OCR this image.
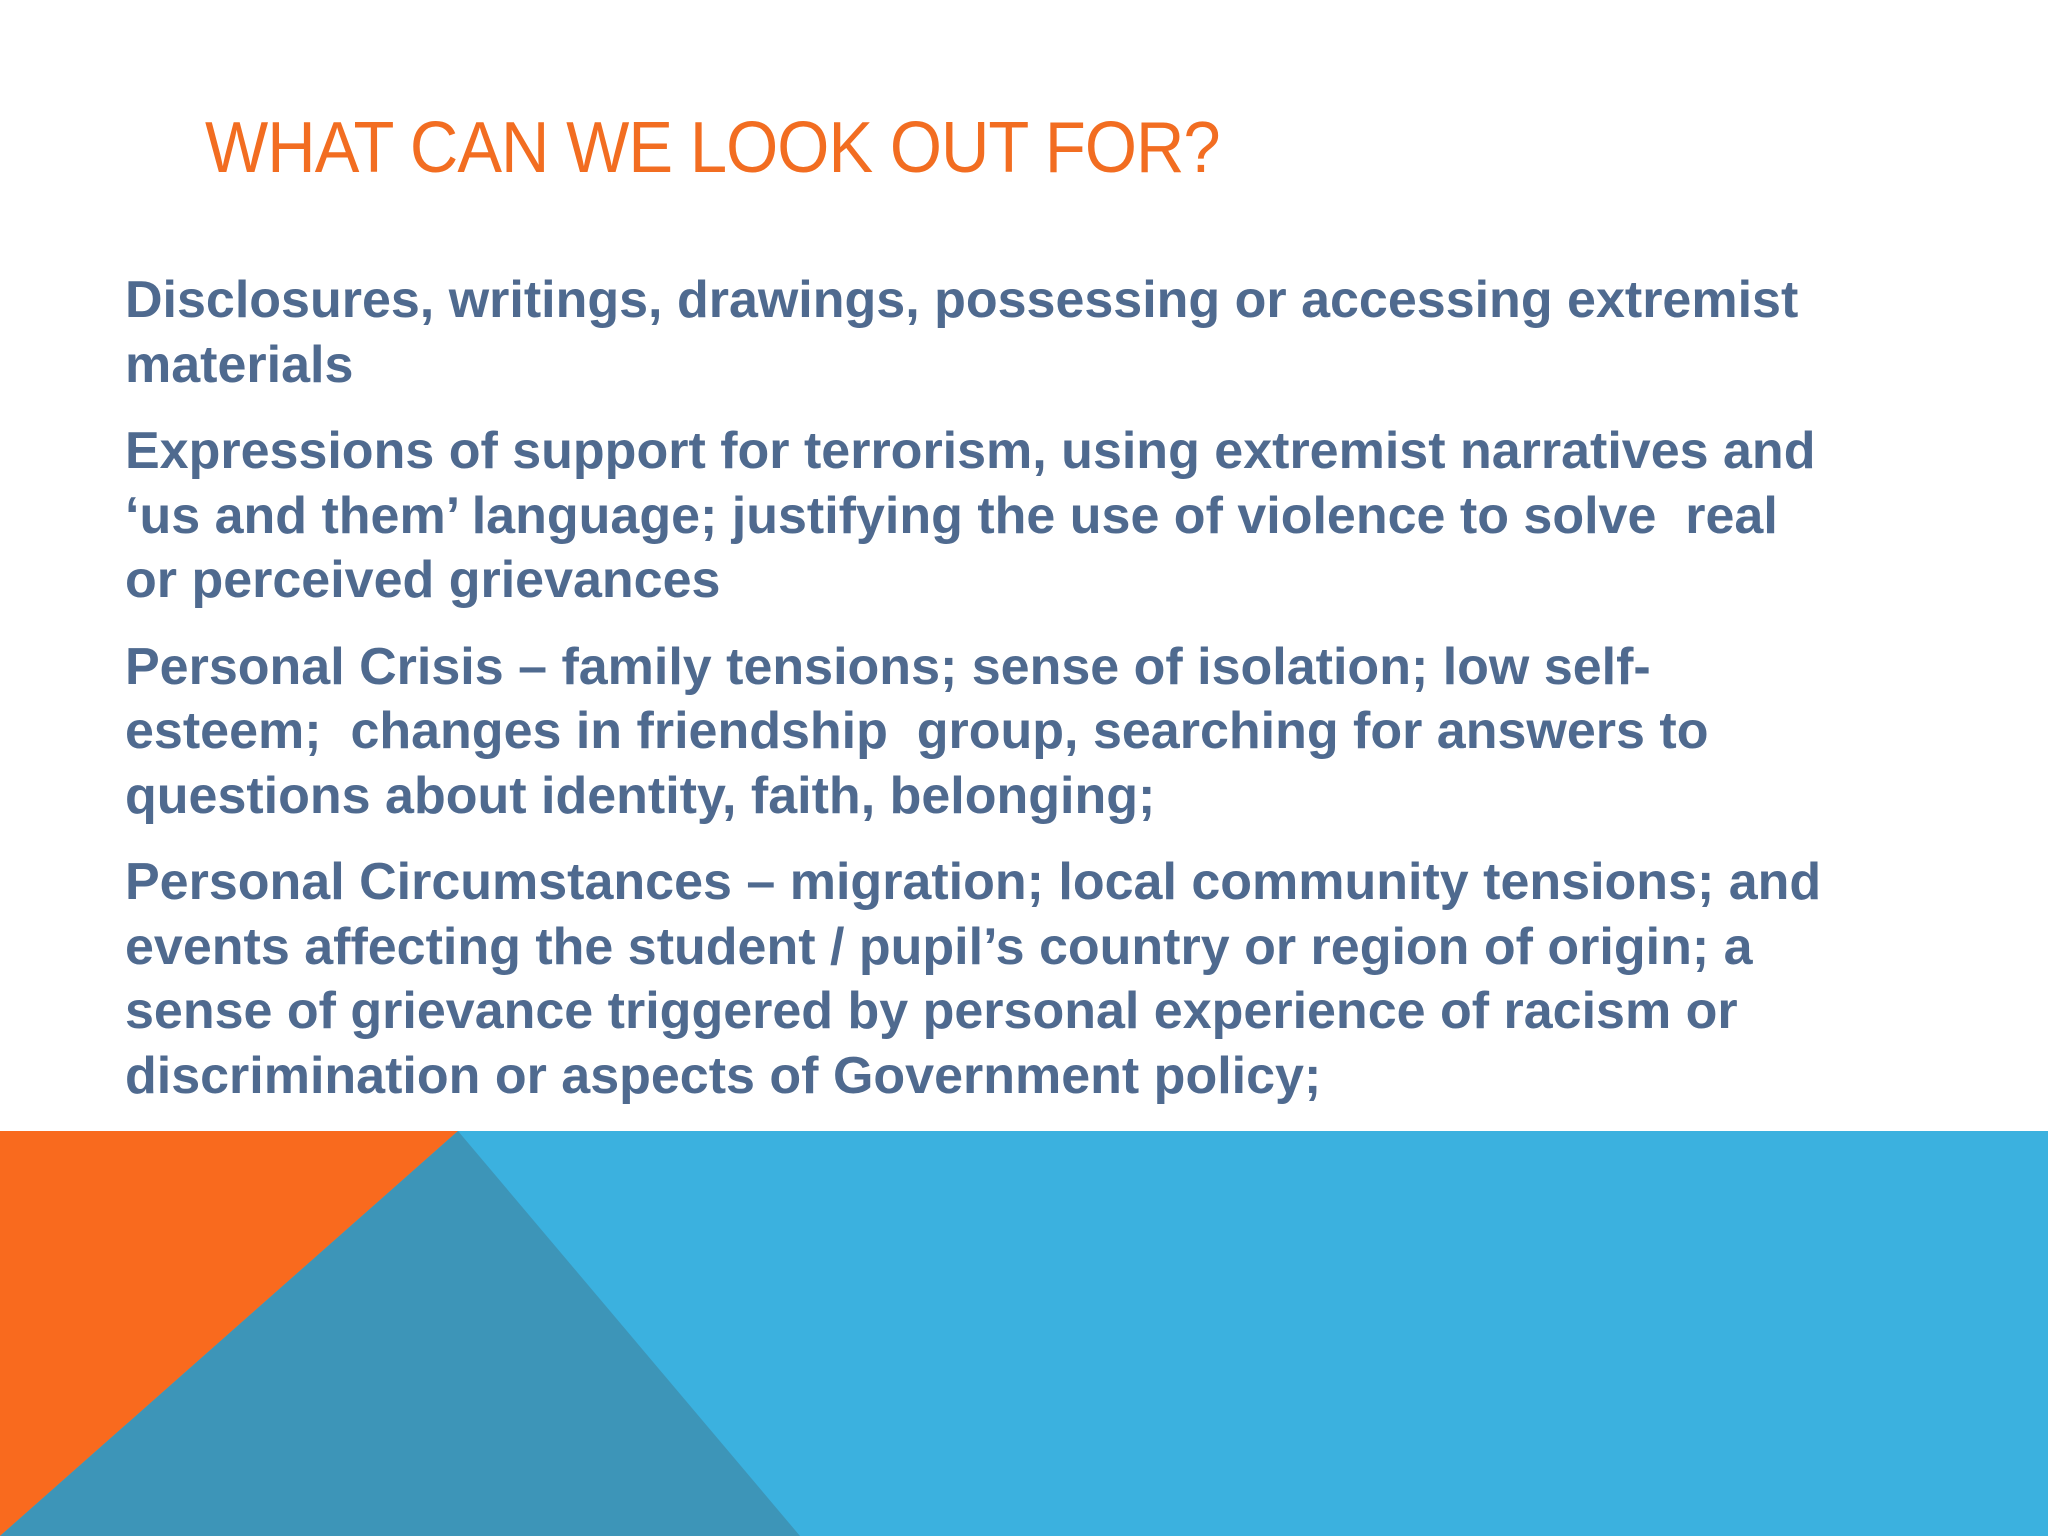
WHAT CAN WE LOOK OUT FOR?
Disclosures, writings, drawings, possessing or accessing extremist
materials
Expressions of support for terrorism, using extremist narratives and
‘us and them’ language; justifying the use of violence to solve  real
or perceived grievances
Personal Crisis – family tensions; sense of isolation; low self-
esteem;  changes in friendship  group, searching for answers to
questions about identity, faith, belonging;
Personal Circumstances – migration; local community tensions; and
events affecting the student / pupil’s country or region of origin; a
sense of grievance triggered by personal experience of racism or
discrimination or aspects of Government policy;
